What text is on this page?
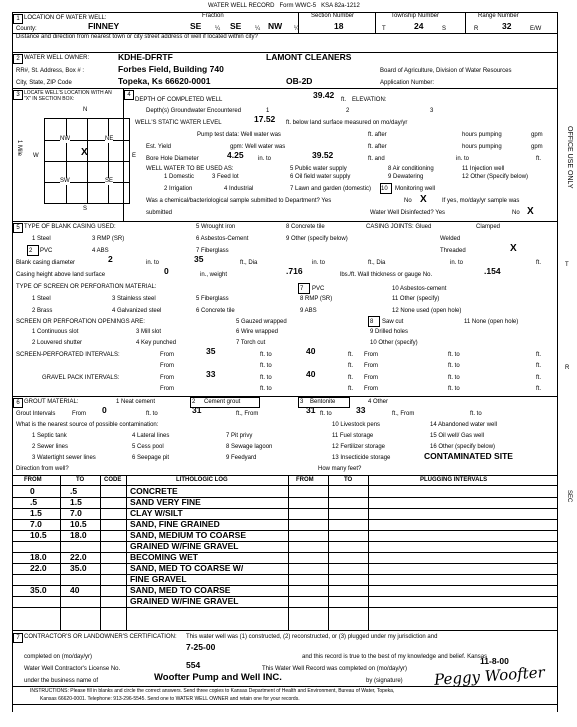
WATER WELL RECORD Form WWC-5 KSA 82a-1212
1 LOCATION OF WATER WELL:	Fraction	Section Number	Township Number	Range Number
County:	FINNEY	SE ¼ SE ¼ NW ¼	18	T	24	S	R	32	E/W
Distance and direction from nearest town or city street address of well if located within city?
2 WATER WELL OWNER:	KDHE-DFRTF	LAMONT CLEANERS
RR#, St. Address, Box # :	Forbes Field, Building 740
City, State, ZIP Code	Topeka, Ks 66620-0001	OB-2D
Board of Agriculture, Division of Water Resources
Application Number:
3 LOCATE WELL'S LOCATION WITH AN "X" IN SECTION BOX:
N
S
W	E
1 Mile
NW	NE
SW	SE
X
4
DEPTH OF COMPLETED WELL	39.42 ft. ELEVATION:
Depth(s) Groundwater Encountered	1	2	3
WELL'S STATIC WATER LEVEL	17.52 ft. below land surface measured on mo/day/yr
Pump test data: Well water was	ft. after	hours pumping	gpm
Est. Yield	gpm: Well water was	ft. after	hours pumping	gpm
Bore Hole Diameter	4.25 in. to	39.52	ft. and	in. to	ft.
WELL WATER TO BE USED AS:
1 Domestic	3 Feed lot
5 Public water supply
6 Oil field water supply
8 Air conditioning
9 Dewatering
11 Injection well
12 Other (Specify below)
2 Irrigation	4 Industrial	7 Lawn and garden (domestic) 10 Monitoring well
Was a chemical/bacteriological sample submitted to Department? Yes	No X	If yes, mo/day/yr sample was
submitted	Water Well Disinfected? Yes	No X
5 TYPE OF BLANK CASING USED:
1 Steel	3 RMP (SR)
5 Wrought iron
6 Asbestos-Cement
8 Concrete tile
9 Other (specify below)
2 PVC	4 ABS	7 Fiberglass
CASING JOINTS: Glued	Clamped
Welded
Threaded	X
Blank casing diameter	2	in. to	35	ft., Dia	in. to	ft., Dia	in. to	ft.
Casing height above land surface	0	in., weight	.716	lbs./ft. Wall thickness or gauge No.	.154
TYPE OF SCREEN OR PERFORATION MATERIAL:
1 Steel	3 Stainless steel	5 Fiberglass
7 PVC	10 Asbestos-cement
2 Brass	4 Galvanized steel	6 Concrete tile
8 RMP (SR)
9 ABS
11 Other (specify)
12 None used (open hole)
SCREEN OR PERFORATION OPENINGS ARE:
1 Continuous slot	3 Mill slot
5 Gauzed wrapped	8 Saw cut	11 None (open hole)
2 Louvered shutter	4 Key punched
6 Wire wrapped
7 Torch cut
9 Drilled holes
10 Other (specify)
SCREEN-PERFORATED INTERVALS:	From	35	ft. to	40	ft. From	ft. to	ft.
From	ft. to	ft. From	ft. to	ft.
GRAVEL PACK INTERVALS:	From	33	ft. to	40	ft. From	ft. to	ft.
From	ft. to	ft. From	ft. to	ft.
6 GROUT MATERIAL:	1 Neat cement	2 Cement grout	3 Bentonite	4 Other
Grout Intervals	From 0	ft. to	31	ft., From	31 ft. to	33	ft., From	ft. to
What is the nearest source of possible contamination:
1 Septic tank	4 Lateral lines	7 Pit privy
10 Livestock pens	14 Abandoned water well
2 Sewer lines	5 Cess pool	8 Sewage lagoon
11 Fuel storage	15 Oil well/ Gas well
3 Watertight sewer lines	6 Seepage pit	9 Feedyard
12 Fertilizer storage	16 Other (specify below)
13 Insecticide storage	CONTAMINATED SITE
Direction from well?	How many feet?
FROM	TO	CODE	LITHOLOGIC LOG	FROM	TO	PLUGGING INTERVALS
0	.5	CONCRETE
.5	1.5	SAND VERY FINE
1.5	7.0	CLAY W/SILT
7.0	10.5	SAND, FINE GRAINED
10.5	18.0	SAND, MEDIUM TO COARSE
GRAINED W/FINE GRAVEL
18.0	22.0	BECOMING WET
22.0	35.0	SAND, MED TO COARSE W/
FINE GRAVEL
35.0	40	SAND, MED TO COARSE
GRAINED W/FINE GRAVEL
7 CONTRACTOR'S OR LANDOWNER'S CERTIFICATION: This water well was (1) constructed, (2) reconstructed, or (3) plugged under my jurisdiction and
7-25-00
completed on (mo/day/yr)	and this record is true to the best of my knowledge and belief. Kansas
Water Well Contractor's License No.	554	This Water Well Record was completed on (mo/day/yr)
11-8-00
under the business name of	Woofter Pump and Well INC.	by (signature) Peggy Woofter
INSTRUCTIONS: Please fill in blanks and circle the correct answers. Send three copies to Kansas Department of Health and Environment, Bureau of Water, Topeka,
Kansas 66620-0001. Telephone: 913-296-5545. Send one to WATER WELL OWNER and retain one for your records.
OFFICE USE ONLY
T
R
SEC
